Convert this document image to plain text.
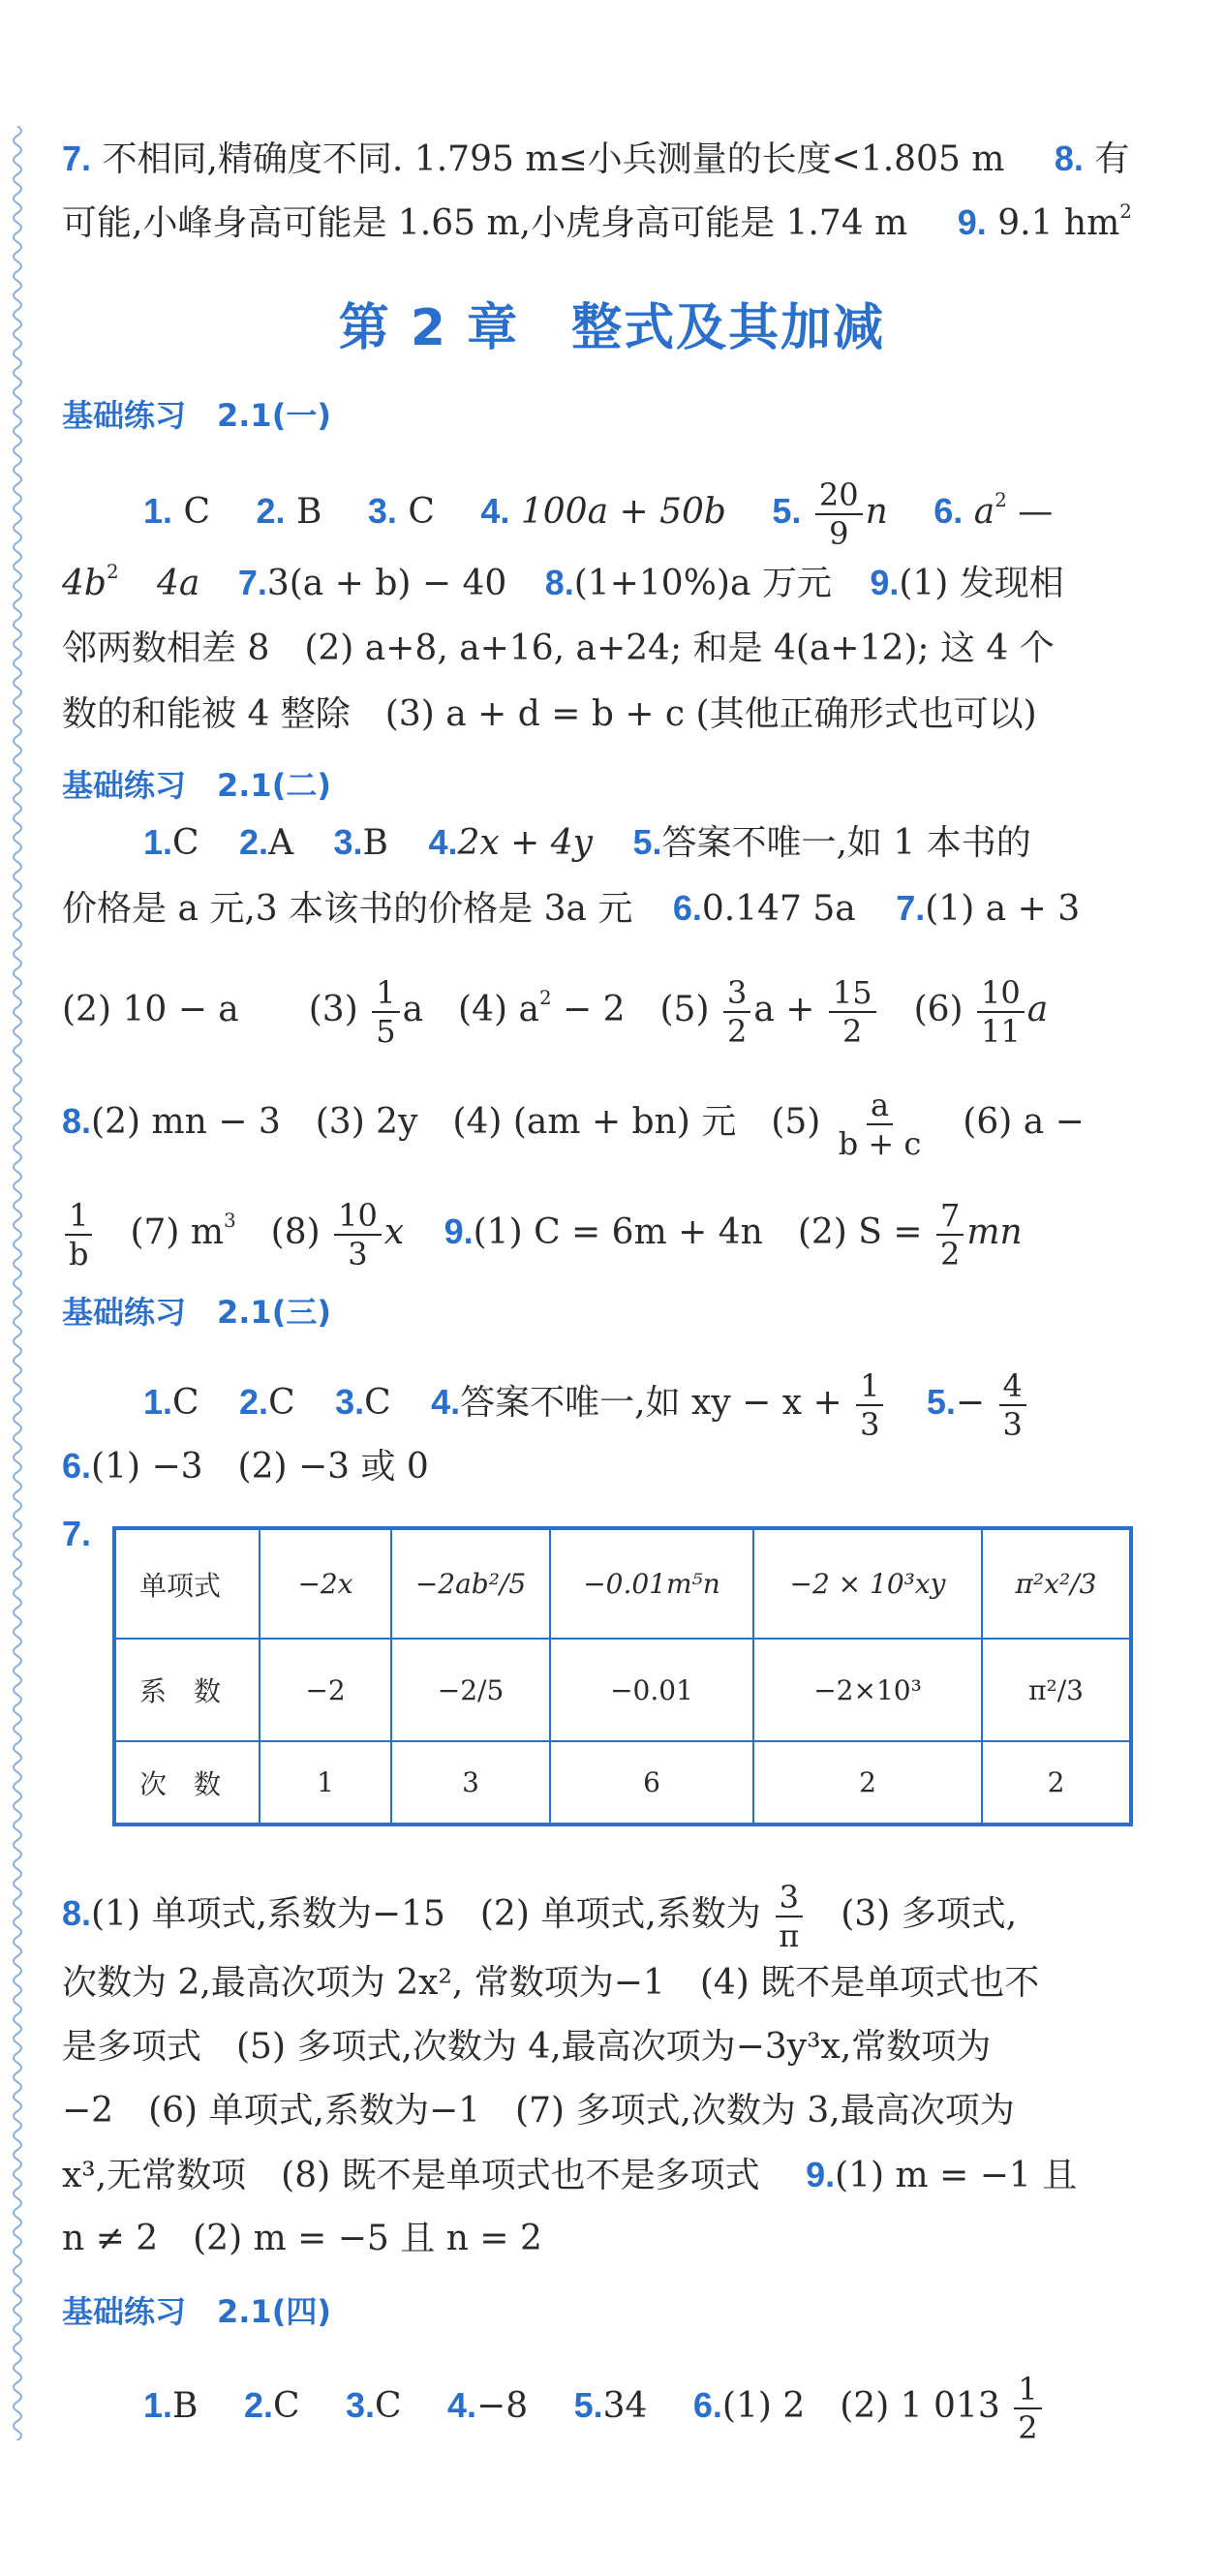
7. 不相同,精确度不同. 1.795 m≤小兵测量的长度<1.805 m 8. 有
可能,小峰身高可能是 1.65 m,小虎身高可能是 1.74 m 9. 9.1 $hm^2$
第 2 章　整式及其加减
基础练习　2.1(一)
1. C 2. B 3. C 4. 100a + 50b 5. $\frac{20}{9}$ n 6. $a^2$ —
$4b^2$ 4a 7.3(a + b) − 40 8.(1+10%)a 万元 9.(1) 发现相
邻两数相差 8　(2) a+8, a+16, a+24; 和是 4(a+12); 这 4 个
数的和能被 4 整除　(3) a + d = b + c (其他正确形式也可以)
基础练习　2.1(二)
1.C 2.A 3.B 4.2x + 4y 5.答案不唯一,如 1 本书的
价格是 a 元,3 本该书的价格是 3a 元 6.0.147 5a 7.(1) a + 3
(2) 10 − a　　$(3) \frac{1}{5}$ a　(4) $a^2 - 2$　$(5) \frac{3}{2}$ $a + \frac{15}{2}$ 　$(6) \frac{10}{11}$ a
8.(2) mn − 3　(3) 2y　(4) (am + bn) 元　$(5) \frac{a}{b + c}$ 　(6) a −
$\frac{1}{b}$ 　(7) $m^3$　$(8) \frac{10}{3}$ x 9.(1) C = 6m + 4n　(2) $S = \frac{7}{2}$ mn
基础练习　2.1(三)
1.C 2.C 3.C 4.答案不唯一,如 xy − $x + \frac{1}{3} 5.- \frac{4}{3}$
6.(1) −3　(2) −3 或 0
7.
单项式	−2x	−2ab²/5	−0.01m⁵n	−2 × 10³xy	π²x²/3
系　数	−2	−2/5	−0.01	−2×10³	π²/3
次　数	1	3	6	2	2
8.(1) 单项式,系数为−15　(2) 单项式,系数为 $\frac{3}{\pi}$ 　(3) 多项式,
次数为 2,最高次项为 2x², 常数项为−1　(4) 既不是单项式也不
是多项式　(5) 多项式,次数为 4,最高次项为−3y³x,常数项为
−2　(6) 单项式,系数为−1　(7) 多项式,次数为 3,最高次项为
x³,无常数项　(8) 既不是单项式也不是多项式 9.(1) m = −1 且
n ≠ 2　(2) m = −5 且 n = 2
基础练习　2.1(四)
1.B 2.C 3.C 4.−8 5.34 6.(1) 2　(2) 1 $013 \frac{1}{2}$
